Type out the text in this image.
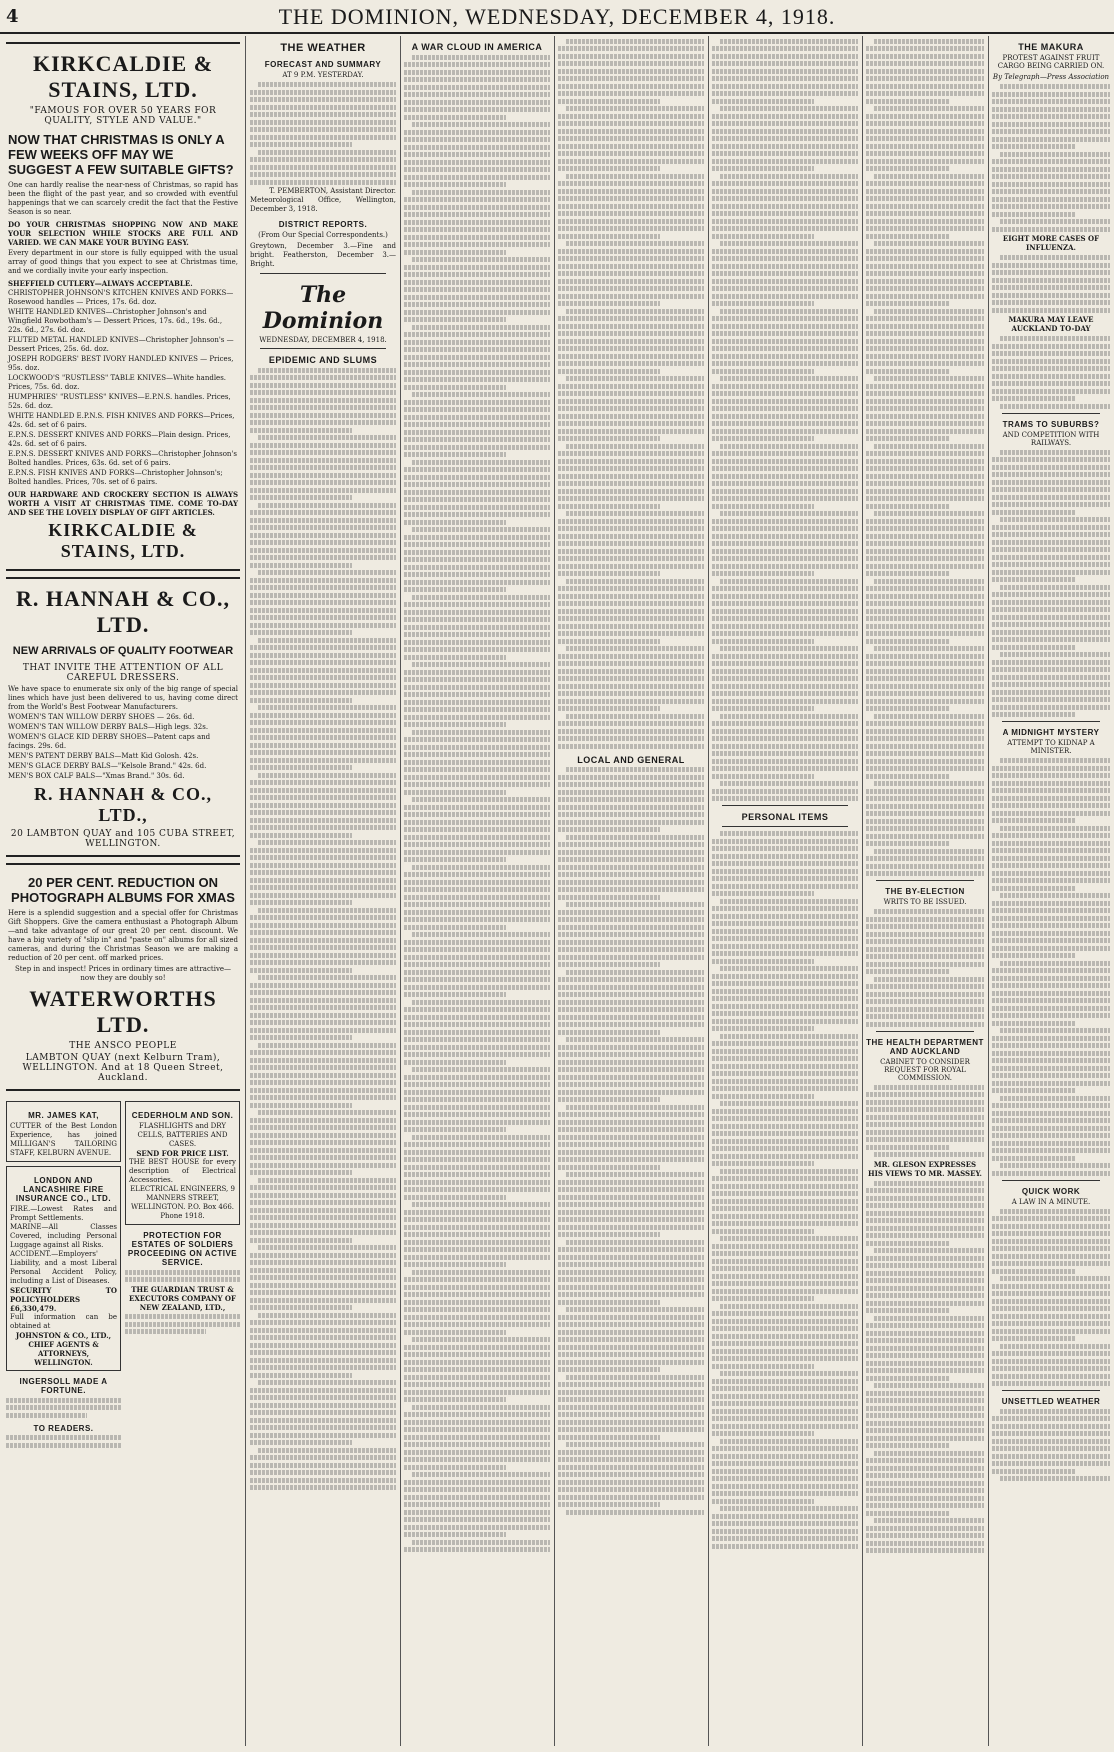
4	THE DOMINION, WEDNESDAY, DECEMBER 4, 1918.
KIRKCALDIE & STAINS, LTD.
"FAMOUS FOR OVER 50 YEARS FOR QUALITY, STYLE AND VALUE."
NOW THAT CHRISTMAS IS ONLY A FEW WEEKS OFF MAY WE SUGGEST A FEW SUITABLE GIFTS?
One can hardly realise the near-ness of Christmas, so rapid has been the flight of the past year, and so crowded with eventful happenings that we can scarcely credit the fact that the Festive Season is so near.
DO YOUR CHRISTMAS SHOPPING NOW AND MAKE YOUR SELECTION WHILE STOCKS ARE FULL AND VARIED. WE CAN MAKE YOUR BUYING EASY.
Every department in our store is fully equipped with the usual array of good things that you expect to see at Christmas time, and we cordially invite your early inspection.
SHEFFIELD CUTLERY—ALWAYS ACCEPTABLE.
CHRISTOPHER JOHNSON'S KITCHEN KNIVES AND FORKS—Rosewood handles — Prices, 17s. 6d. doz.
WHITE HANDLED KNIVES—Christopher Johnson's and Wingfield Rowbotham's — Dessert Prices, 17s. 6d., 19s. 6d., 22s. 6d., 27s. 6d. doz.
FLUTED METAL HANDLED KNIVES—Christopher Johnson's — Dessert Prices, 25s. 6d. doz.
JOSEPH RODGERS' BEST IVORY HANDLED KNIVES — Prices, 95s. doz.
LOCKWOOD'S "RUSTLESS" TABLE KNIVES—White handles. Prices, 75s. 6d. doz.
HUMPHRIES' "RUSTLESS" KNIVES—E.P.N.S. handles. Prices, 52s. 6d. doz.
WHITE HANDLED E.P.N.S. FISH KNIVES AND FORKS—Prices, 42s. 6d. set of 6 pairs.
E.P.N.S. DESSERT KNIVES AND FORKS—Plain design. Prices, 42s. 6d. set of 6 pairs.
E.P.N.S. DESSERT KNIVES AND FORKS—Christopher Johnson's Bolted handles. Prices, 63s. 6d. set of 6 pairs.
E.P.N.S. FISH KNIVES AND FORKS—Christopher Johnson's; Bolted handles. Prices, 70s. set of 6 pairs.
OUR HARDWARE AND CROCKERY SECTION IS ALWAYS WORTH A VISIT AT CHRISTMAS TIME. COME TO-DAY AND SEE THE LOVELY DISPLAY OF GIFT ARTICLES.
KIRKCALDIE & STAINS, LTD.
R. HANNAH & CO., LTD.
NEW ARRIVALS OF QUALITY FOOTWEAR
THAT INVITE THE ATTENTION OF ALL CAREFUL DRESSERS.
We have space to enumerate six only of the big range of special lines which have just been delivered to us, having come direct from the World's Best Footwear Manufacturers.
WOMEN'S TAN WILLOW DERBY SHOES — 26s. 6d.
WOMEN'S TAN WILLOW DERBY BALS—High legs. 32s.
WOMEN'S GLACE KID DERBY SHOES—Patent caps and facings. 29s. 6d.
MEN'S PATENT DERBY BALS—Matt Kid Golosh. 42s.
MEN'S GLACE DERBY BALS—"Kelsole Brand." 42s. 6d.
MEN'S BOX CALF BALS—"Xmas Brand." 30s. 6d.
R. HANNAH & CO., LTD.,
20 LAMBTON QUAY and 105 CUBA STREET, WELLINGTON.
20 PER CENT. REDUCTION ON PHOTOGRAPH ALBUMS FOR XMAS
Here is a splendid suggestion and a special offer for Christmas Gift Shoppers. Give the camera enthusiast a Photograph Album—and take advantage of our great 20 per cent. discount. We have a big variety of "slip in" and "paste on" albums for all sized cameras, and during the Christmas Season we are making a reduction of 20 per cent. off marked prices.
Step in and inspect! Prices in ordinary times are attractive—now they are doubly so!
WATERWORTHS LTD.
THE ANSCO PEOPLE
LAMBTON QUAY (next Kelburn Tram), WELLINGTON. And at 18 Queen Street, Auckland.
MR. JAMES KAT,
CUTTER of the Best London Experience, has joined MILLIGAN'S TAILORING STAFF, KELBURN AVENUE.
LONDON AND LANCASHIRE FIRE INSURANCE CO., LTD.
FIRE.—Lowest Rates and Prompt Settlements.
MARINE—All Classes Covered, including Personal Luggage against all Risks.
ACCIDENT.—Employers' Liability, and a most Liberal Personal Accident Policy, including a List of Diseases.
SECURITY TO POLICYHOLDERS £6,330,479.
Full information can be obtained at
JOHNSTON & CO., LTD., CHIEF AGENTS & ATTORNEYS, WELLINGTON.
INGERSOLL MADE A FORTUNE.
TO READERS.
CEDERHOLM AND SON.
FLASHLIGHTS and DRY CELLS, BATTERIES AND CASES.
SEND FOR PRICE LIST.
THE BEST HOUSE for every description of Electrical Accessories.
ELECTRICAL ENGINEERS, 9 MANNERS STREET, WELLINGTON. P.O. Box 466. Phone 1918.
PROTECTION FOR ESTATES OF SOLDIERS PROCEEDING ON ACTIVE SERVICE.
THE GUARDIAN TRUST & EXECUTORS COMPANY OF NEW ZEALAND, LTD.,
THE WEATHER
FORECAST AND SUMMARY
AT 9 P.M. YESTERDAY.
T. PEMBERTON, Assistant Director.
Meteorological Office, Wellington, December 3, 1918.
DISTRICT REPORTS.
(From Our Special Correspondents.)
Greytown, December 3.—Fine and bright. Featherston, December 3.—Bright.
The Dominion
WEDNESDAY, DECEMBER 4, 1918.
EPIDEMIC AND SLUMS
A WAR CLOUD IN AMERICA
LOCAL AND GENERAL
PERSONAL ITEMS
THE BY-ELECTION
WRITS TO BE ISSUED.
THE HEALTH DEPARTMENT AND AUCKLAND
CABINET TO CONSIDER REQUEST FOR ROYAL COMMISSION.
MR. GLESON EXPRESSES HIS VIEWS TO MR. MASSEY.
THE MAKURA
PROTEST AGAINST FRUIT CARGO BEING CARRIED ON.
By Telegraph—Press Association
EIGHT MORE CASES OF INFLUENZA.
MAKURA MAY LEAVE AUCKLAND TO-DAY
TRAMS TO SUBURBS?
AND COMPETITION WITH RAILWAYS.
A MIDNIGHT MYSTERY
ATTEMPT TO KIDNAP A MINISTER.
QUICK WORK
A LAW IN A MINUTE.
UNSETTLED WEATHER
